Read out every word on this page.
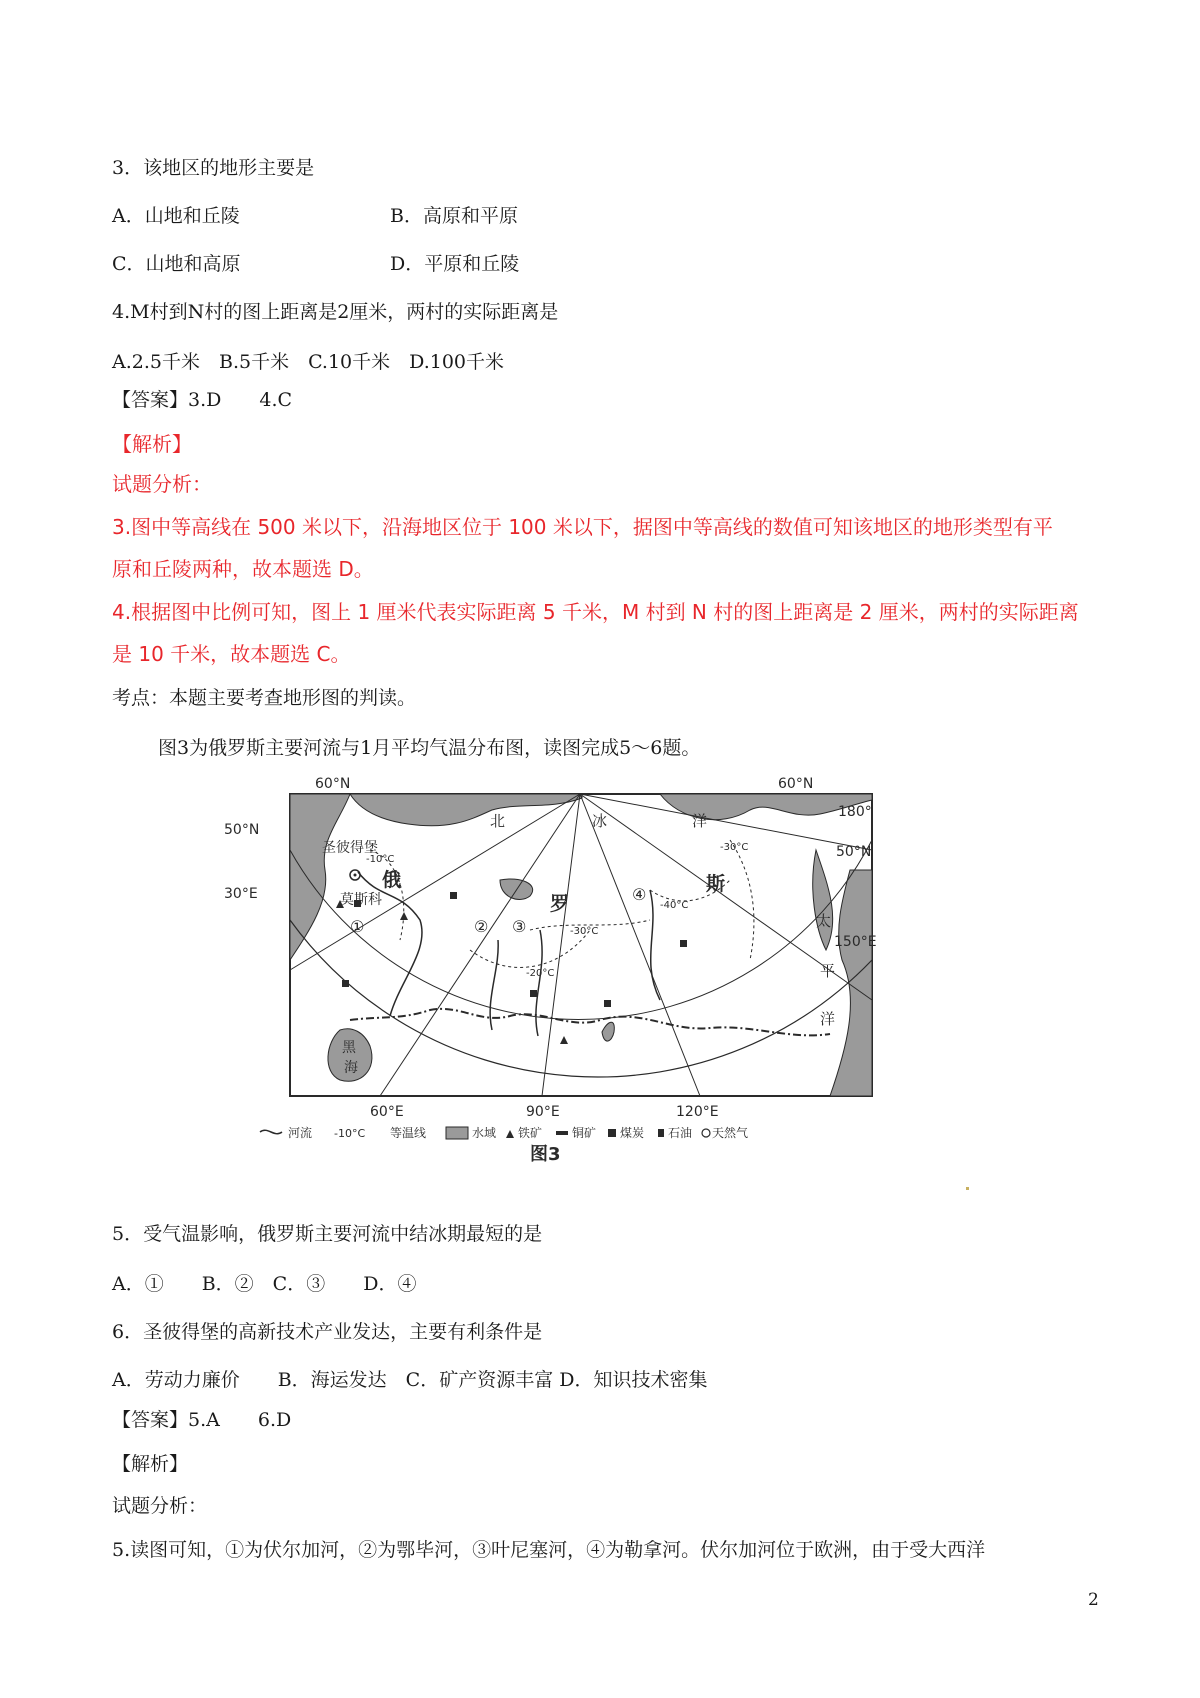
3．该地区的地形主要是
A．山地和丘陵	B．高原和平原
C．山地和高原	D．平原和丘陵
4.M村到N村的图上距离是2厘米，两村的实际距离是
A.2.5千米　B.5千米　C.10千米　D.100千米
【答案】3.D　　4.C
【解析】
试题分析：
3.图中等高线在 500 米以下，沿海地区位于 100 米以下，据图中等高线的数值可知该地区的地形类型有平
原和丘陵两种，故本题选 D。
4.根据图中比例可知，图上 1 厘米代表实际距离 5 千米，M 村到 N 村的图上距离是 2 厘米，两村的实际距离
是 10 千米，故本题选 C。
考点：本题主要考查地形图的判读。
图3为俄罗斯主要河流与1月平均气温分布图，读图完成5～6题。
60°N	60°N
50°N
50°N
30°E
60°E	90°E	120°E
150°E
180°
北	冰	洋
太
平
洋
俄
罗
斯
圣彼得堡
莫斯科
黑
海
①	② ③
④
-10°C
-20°C
-30°C
-40°C
-30°C
河流 -10°C 等温线	水域 铁矿 铜矿 煤炭 石油 天然气
图3
5．受气温影响，俄罗斯主要河流中结冰期最短的是
A．①　　B．②　C．③　　D．④
6．圣彼得堡的高新技术产业发达，主要有利条件是
A．劳动力廉价　　B．海运发达　C．矿产资源丰富 D．知识技术密集
【答案】5.A　　6.D
【解析】
试题分析：
5.读图可知，①为伏尔加河，②为鄂毕河，③叶尼塞河，④为勒拿河。伏尔加河位于欧洲，由于受大西洋
2
